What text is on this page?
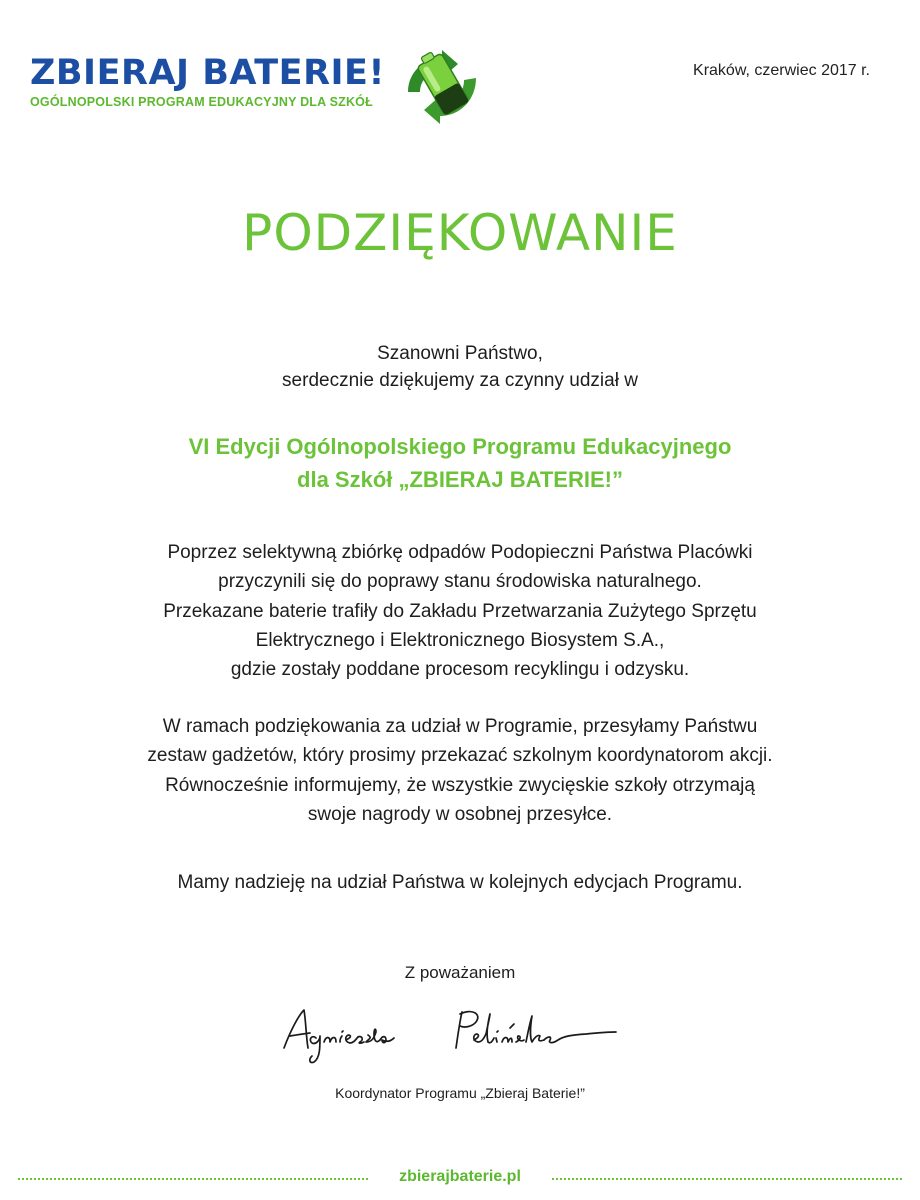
ZBIERAJ BATERIE!
OGÓLNOPOLSKI PROGRAM EDUKACYJNY DLA SZKÓŁ
Kraków, czerwiec 2017 r.
PODZIĘKOWANIE
Szanowni Państwo,
serdecznie dziękujemy za czynny udział w
VI Edycji Ogólnopolskiego Programu Edukacyjnego
dla Szkół „ZBIERAJ BATERIE!”
Poprzez selektywną zbiórkę odpadów Podopieczni Państwa Placówki
przyczynili się do poprawy stanu środowiska naturalnego.
Przekazane baterie trafiły do Zakładu Przetwarzania Zużytego Sprzętu
Elektrycznego i Elektronicznego Biosystem S.A.,
gdzie zostały poddane procesom recyklingu i odzysku.
W ramach podziękowania za udział w Programie, przesyłamy Państwu
zestaw gadżetów, który prosimy przekazać szkolnym koordynatorom akcji.
Równocześnie informujemy, że wszystkie zwycięskie szkoły otrzymają
swoje nagrody w osobnej przesyłce.
Mamy nadzieję na udział Państwa w kolejnych edycjach Programu.
Z poważaniem
Koordynator Programu „Zbieraj Baterie!”
zbierajbaterie.pl
